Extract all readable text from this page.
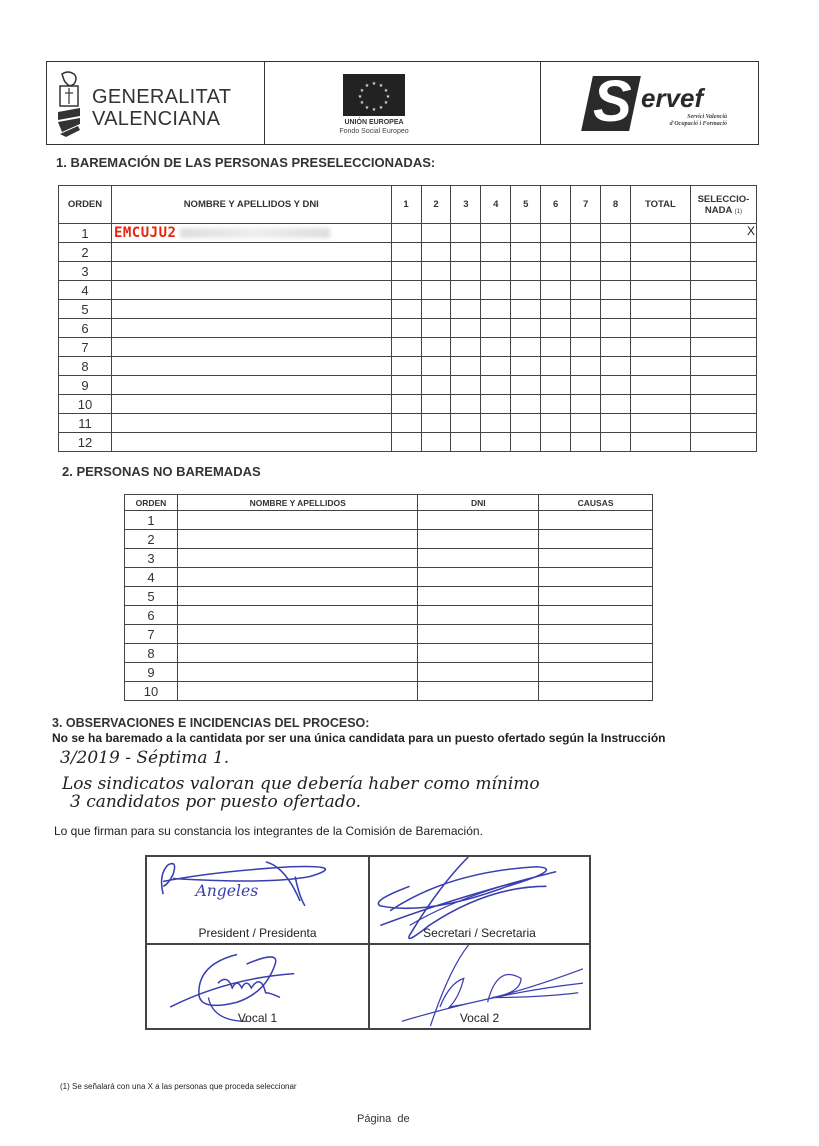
GENERALITAT
VALENCIANA
★ ★
★
★
★
★
★
★
★
★
★
★
UNIÓN EUROPEA
Fondo Social Europeo	S ervef
Servici Valencià
d'Ocupació i Formació
1. BAREMACIÓN DE LAS PERSONAS PRESELECCIONADAS:
ORDEN	NOMBRE Y APELLIDOS Y DNI	1	2	3	4	5	6	7	8	TOTAL	SELECCIO-
NADA (1)

1	EMCUJU2										X
2											
3											
4											
5											
6											
7											
8											
9											
10											
11											
12											
2. PERSONAS NO BAREMADAS
ORDEN	NOMBRE Y APELLIDOS	DNI	CAUSAS
1			
2			
3			
4			
5			
6			
7			
8			
9			
10			
3. OBSERVACIONES E INCIDENCIAS DEL PROCESO:
No se ha baremado a la cantidata por ser una única candidata para un puesto ofertado según la Instrucción
3/2019 - Séptima 1.
Los sindicatos valoran que debería haber como mínimo
3 candidatos por puesto ofertado.
Lo que firman para su constancia los integrantes de la Comisión de Baremación.
Angeles
President / Presidenta	Secretari / Secretaria
Vocal 1	Vocal 2
(1) Se señalará con una X a las personas que proceda seleccionar
Página  de
